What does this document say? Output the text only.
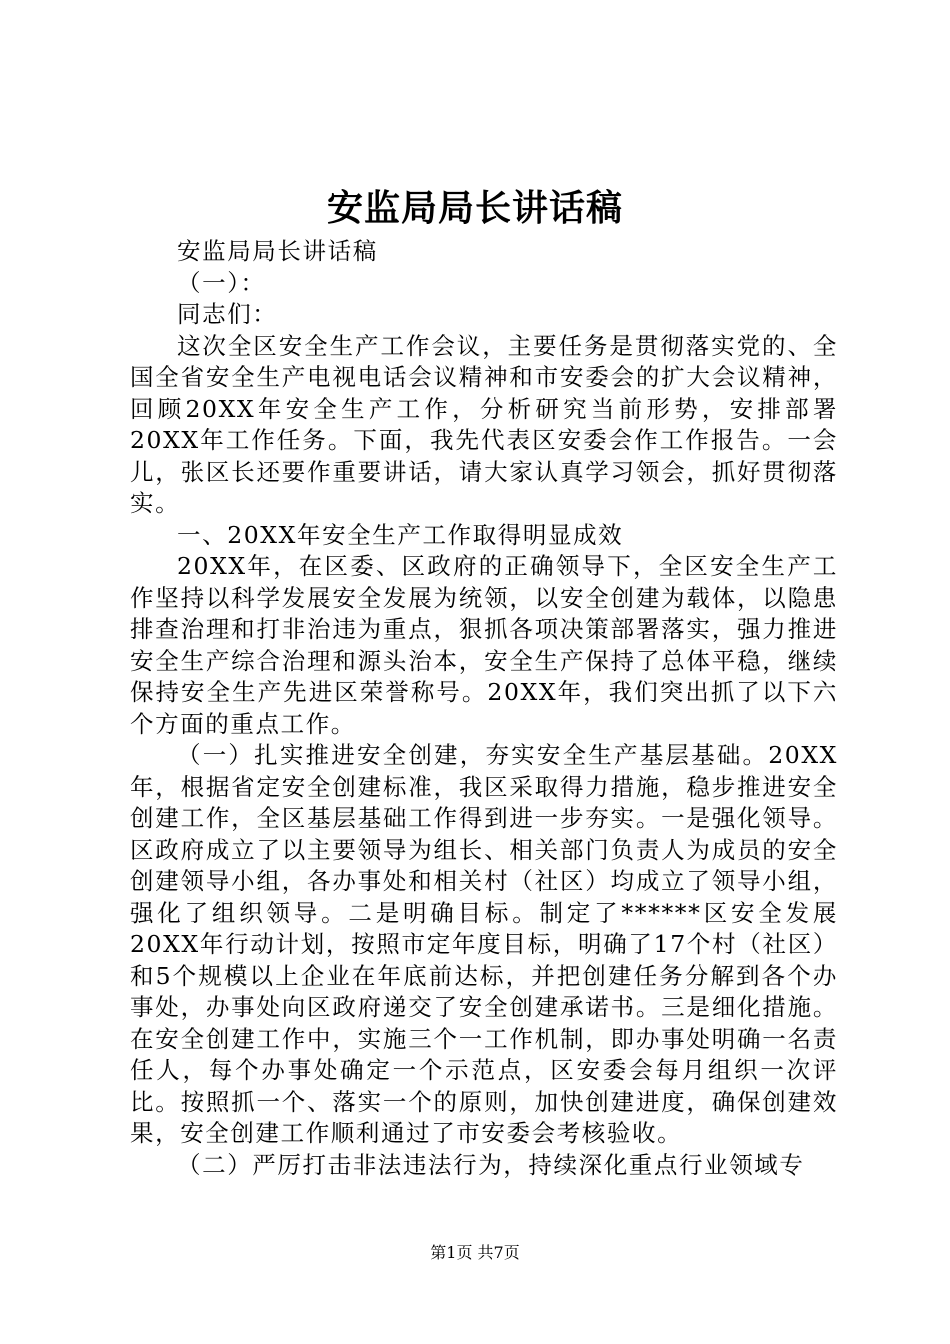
安监局局长讲话稿

安监局局长讲话稿

（一）：

同志们：

这次全区安全生产工作会议，主要任务是贯彻落实党的、全国全省安全生产电视电话会议精神和市安委会的扩大会议精神，回顾20XX年安全生产工作，分析研究当前形势，安排部署20XX年工作任务。下面，我先代表区安委会作工作报告。一会儿，张区长还要作重要讲话，请大家认真学习领会，抓好贯彻落实。

一、20XX年安全生产工作取得明显成效

20XX年，在区委、区政府的正确领导下，全区安全生产工作坚持以科学发展安全发展为统领，以安全创建为载体，以隐患排查治理和打非治违为重点，狠抓各项决策部署落实，强力推进安全生产综合治理和源头治本，安全生产保持了总体平稳，继续保持安全生产先进区荣誉称号。20XX年，我们突出抓了以下六个方面的重点工作。

（一）扎实推进安全创建，夯实安全生产基层基础。20XX年，根据省定安全创建标准，我区采取得力措施，稳步推进安全创建工作，全区基层基础工作得到进一步夯实。一是强化领导。区政府成立了以主要领导为组长、相关部门负责人为成员的安全创建领导小组，各办事处和相关村（社区）均成立了领导小组，强化了组织领导。二是明确目标。制定了******区安全发展20XX年行动计划，按照市定年度目标，明确了17个村（社区）和5个规模以上企业在年底前达标，并把创建任务分解到各个办事处，办事处向区政府递交了安全创建承诺书。三是细化措施。在安全创建工作中，实施三个一工作机制，即办事处明确一名责任人，每个办事处确定一个示范点，区安委会每月组织一次评比。按照抓一个、落实一个的原则，加快创建进度，确保创建效果，安全创建工作顺利通过了市安委会考核验收。

（二）严厉打击非法违法行为，持续深化重点行业领域专

第1页 共7页
